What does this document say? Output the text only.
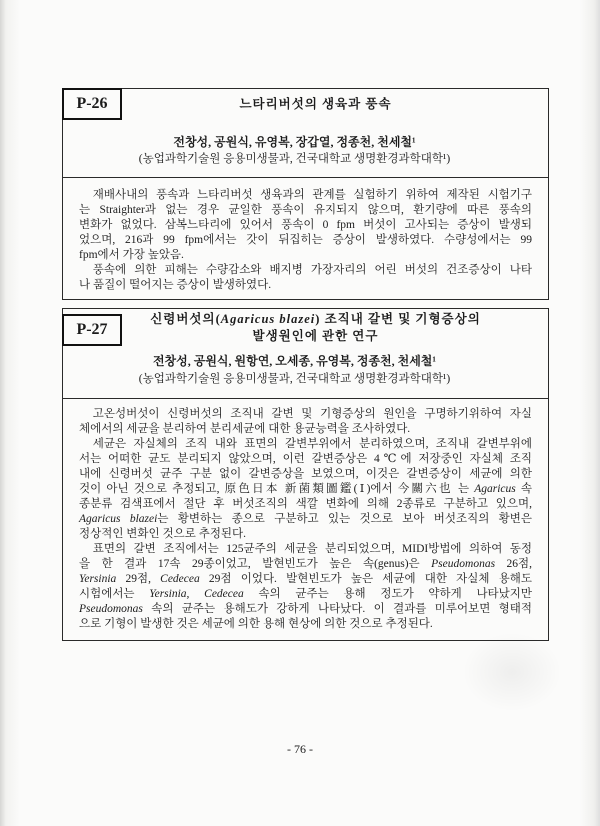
P-26	느타리버섯의 생육과 풍속
전창성, 공원식, 유영복, 장갑열, 정종천, 천세철¹
(농업과학기술원 응용미생물과, 건국대학교 생명환경과학대학¹)
재배사내의 풍속과 느타리버섯 생육과의 관계를 실험하기 위하여 제작된 시험기구
는 Straighter과 없는 경우 균일한 풍속이 유지되지 않으며, 환기량에 따른 풍속의
변화가 없었다. 삼복느타리에 있어서 풍속이 0 fpm 버섯이 고사되는 증상이 발생되
었으며, 216과 99 fpm에서는 갓이 뒤집히는 증상이 발생하였다. 수량성에서는 99
fpm에서 가장 높았음.
풍속에 의한 피해는 수량감소와 배지병 가장자리의 어린 버섯의 건조증상이 나타
나 품질이 떨어지는 증상이 발생하였다.
P-27
신령버섯의(Agaricus blazei) 조직내 갈변 및 기형증상의
발생원인에 관한 연구
전창성, 공원식, 원항연, 오세종, 유영복, 정종천, 천세철¹
(농업과학기술원 응용미생물과, 건국대학교 생명환경과학대학¹)
고온성버섯이 신령버섯의 조직내 갈변 및 기형증상의 원인을 구명하기위하여 자실
체에서의 세균을 분리하여 분리세균에 대한 용균능력을 조사하였다.
세균은 자실체의 조직 내와 표면의 갈변부위에서 분리하였으며, 조직내 갈변부위에
서는 어떠한 균도 분리되지 않았으며, 이런 갈변증상은 4℃에 저장중인 자실체 조직
내에 신령버섯 균주 구분 없이 갈변증상을 보였으며, 이것은 갈변증상이 세균에 의한
것이 아닌 것으로 추정되고, 原色日本 新菌類圖鑑(Ⅰ)에서 今關六也 는 Agaricus 속
종분류 검색표에서 절단 후 버섯조직의 색깔 변화에 의해 2종류로 구분하고 있으며,
Agaricus blazei는 황변하는 종으로 구분하고 있는 것으로 보아 버섯조직의 황변은
정상적인 변화인 것으로 추정된다.
표면의 갈변 조직에서는 125균주의 세균을 분리되었으며, MIDI방법에 의하여 동정
을 한 결과 17속 29종이었고, 발현빈도가 높은 속(genus)은 Pseudomonas 26점,
Yersinia 29점, Cedecea 29점 이었다. 발현빈도가 높은 세균에 대한 자실체 용해도
시험에서는 Yersinia, Cedecea 속의 균주는 용해 정도가 약하게 나타났지만
Pseudomonas 속의 균주는 용해도가 강하게 나타났다. 이 결과를 미루어보면 형태적
으로 기형이 발생한 것은 세균에 의한 용해 현상에 의한 것으로 추정된다.
- 76 -
